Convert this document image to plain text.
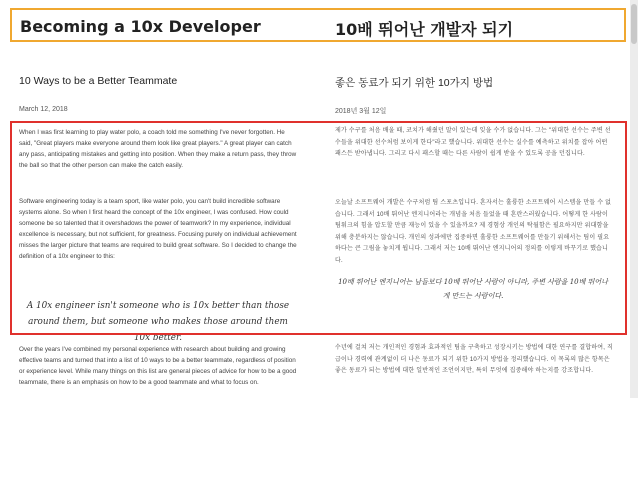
Becoming a 10x Developer	10배 뛰어난 개발자 되기
10 Ways to be a Better Teammate
March 12, 2018
When I was first learning to play water polo, a coach told me something I've never forgotten. He said, "Great players make everyone around them look like great players." A great player can catch any pass, anticipating mistakes and getting into position. When they make a return pass, they throw the ball so that the other person can make the catch easily.
Software engineering today is a team sport, like water polo, you can't build incredible software systems alone. So when I first heard the concept of the 10x engineer, I was confused. How could someone be so talented that it overshadows the power of teamwork? In my experience, individual excellence is necessary, but not sufficient, for greatness. Focusing purely on individual achievement misses the larger picture that teams are required to build great software. So I decided to change the definition of a 10x engineer to this:
A 10x engineer isn't someone who is 10x better than those around them, but someone who makes those around them 10x better.
Over the years I've combined my personal experience with research about building and growing effective teams and turned that into a list of 10 ways to be a better teammate, regardless of position or experience level. While many things on this list are general pieces of advice for how to be a good teammate, there is an emphasis on how to be a good teammate and what to focus on.
좋은 동료가 되기 위한 10가지 방법
2018년 3월 12일
제가 수구를 처음 배울 때, 코치가 해줬던 말이 있는데 잊을 수가 없습니다. 그는 "위대한 선수는 주변 선수들을 위대한 선수처럼 보이게 한다"라고 했습니다. 위대한 선수는 실수를 예측하고 위치를 잡아 어떤 패스든 받아냅니다. 그리고 다시 패스할 때는 다른 사람이 쉽게 받을 수 있도록 공을 던집니다.
오늘날 소프트웨어 개발은 수구처럼 팀 스포츠입니다. 혼자서는 훌륭한 소프트웨어 시스템을 만들 수 없습니다. 그래서 10배 뛰어난 엔지니어라는 개념을 처음 들었을 때 혼란스러웠습니다. 어떻게 한 사람이 팀워크의 힘을 압도할 만큼 재능이 있을 수 있을까요? 제 경험상 개인의 탁월함은 필요하지만 위대함을 위해 충분하지는 않습니다. 개인의 성과에만 집중하면 훌륭한 소프트웨어를 만들기 위해서는 팀이 필요하다는 큰 그림을 놓치게 됩니다. 그래서 저는 10배 뛰어난 엔지니어의 정의를 이렇게 바꾸기로 했습니다.
10배 뛰어난 엔지니어는 남들보다 10배 뛰어난 사람이 아니라, 주변 사람을 10배 뛰어나게 만드는 사람이다.
수년에 걸쳐 저는 개인적인 경험과 효과적인 팀을 구축하고 성장시키는 방법에 대한 연구를 결합하여, 직급이나 경력에 관계없이 더 나은 동료가 되기 위한 10가지 방법을 정리했습니다. 이 목록의 많은 항목은 좋은 동료가 되는 방법에 대한 일반적인 조언이지만, 특히 무엇에 집중해야 하는지를 강조합니다.
